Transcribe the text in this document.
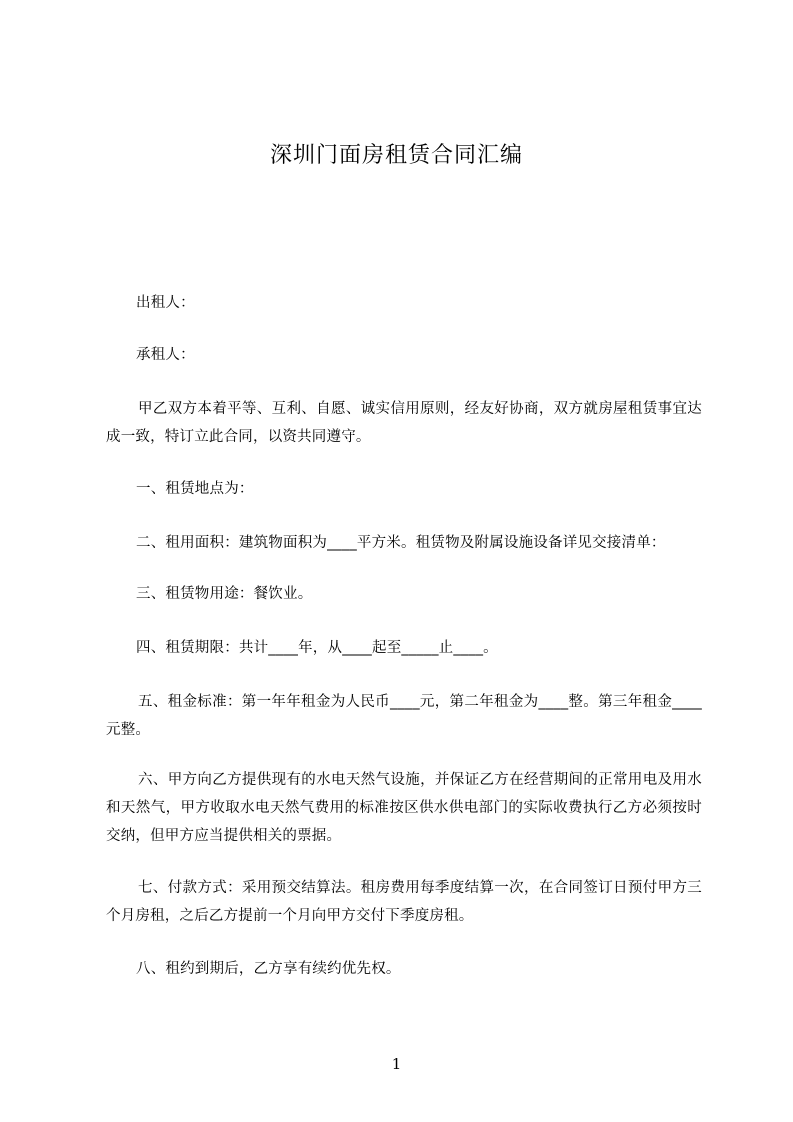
深圳门面房租赁合同汇编
出租人：
承租人：
甲乙双方本着平等、互利、自愿、诚实信用原则，经友好协商，双方就房屋租赁事宜达成一致，特订立此合同，以资共同遵守。
一、租赁地点为：
二、租用面积：建筑物面积为____平方米。租赁物及附属设施设备详见交接清单：
三、租赁物用途：餐饮业。
四、租赁期限：共计____年，从____起至_____止____。
五、租金标准：第一年年租金为人民币____元，第二年租金为____整。第三年租金____元整。
六、甲方向乙方提供现有的水电天然气设施，并保证乙方在经营期间的正常用电及用水和天然气，甲方收取水电天然气费用的标准按区供水供电部门的实际收费执行乙方必须按时交纳，但甲方应当提供相关的票据。
七、付款方式：采用预交结算法。租房费用每季度结算一次，在合同签订日预付甲方三个月房租，之后乙方提前一个月向甲方交付下季度房租。
八、租约到期后，乙方享有续约优先权。
1
